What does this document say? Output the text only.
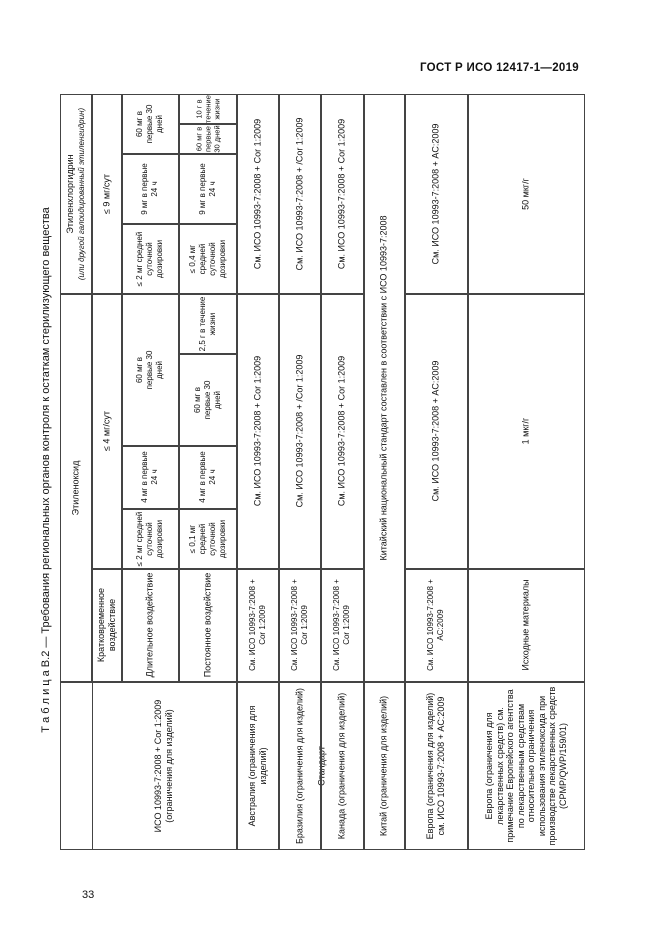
ГОСТ Р ИСО 12417-1—2019
Т а б л и ц а В.2 — Требования региональных органов контроля к остаткам стерилизующего вещества
Стандарт
Этиленоксид
Этиленхлоргидрин (или другой галоидированный этиленгидрин)
ИСО 10993-7:2008 + Cor 1:2009 (ограничения для изделий)
Кратковременное воздействие
≤ 4 мг/сут
≤ 9 мг/сут
Длительное воздействие
≤ 2 мг средней суточной дозировки
4 мг в первые 24 ч
60 мг в первые 30 дней
≤ 2 мг средней суточной дозировки
9 мг в первые 24 ч
60 мг в первые 30 дней
Постоянное воздействие
≤ 0,1 мг средней суточной дозировки
4 мг в первые 24 ч
60 мг в первые 30 дней
2,5 г в течение жизни
≤ 0,4 мг средней суточной дозировки
9 мг в первые 24 ч
60 мг в первые 30 дней
10 г в течение жизни
Австралия (ограничения для изделий)
См. ИСО 10993-7:2008 + Cor 1:2009
См. ИСО 10993-7:2008 + Cor 1:2009
См. ИСО 10993-7:2008 + Cor 1:2009
Бразилия (ограничения для изделий)
См. ИСО 10993-7:2008 + Cor 1:2009
См. ИСО 10993-7:2008 + /Cor 1:2009
См. ИСО 10993-7:2008 + /Cor 1:2009
Канада (ограничения для изделий)
См. ИСО 10993-7:2008 + Cor 1:2009
См. ИСО 10993-7:2008 + Cor 1:2009
См. ИСО 10993-7:2008 + Cor 1:2009
Китай (ограничения для изделий)
Китайский национальный стандарт составлен в соответствии с ИСО 10993-7:2008
Европа (ограничения для изделий) см. ИСО 10993-7:2008 + AC:2009
См. ИСО 10993-7:2008 + AC:2009
См. ИСО 10993-7:2008 + AC:2009
См. ИСО 10993-7:2008 + AC:2009
Европа (ограничения для лекарственных средств) см. примечание Европейского агентства по лекарственным средствам относительно ограничения использования этиленоксида при производстве лекарственных средств (CPMP/QWP/159/01)
Исходные материалы
1 мкг/г
50 мкг/г
33
